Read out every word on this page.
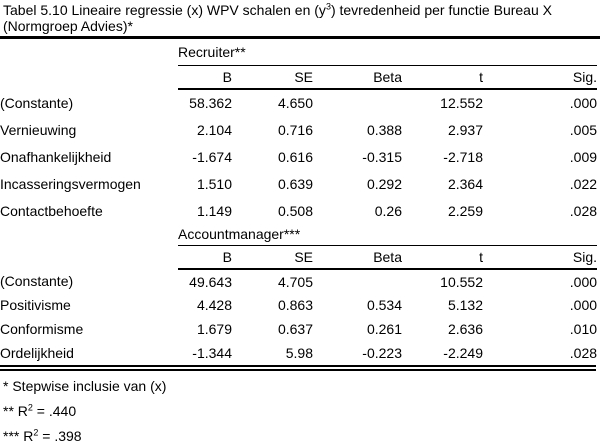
Tabel 5.10 Lineaire regressie (x) WPV schalen en $(y^3)$ tevredenheid per functie Bureau X
(Normgroep Advies)*
	Recruiter**				
	B	SE	Beta	t	Sig.
(Constante)	58.362	4.650		12.552	.000
Vernieuwing	2.104	0.716	0.388	2.937	.005
Onafhankelijkheid	-1.674	0.616	-0.315	-2.718	.009
Incasseringsvermogen	1.510	0.639	0.292	2.364	.022
Contactbehoefte	1.149	0.508	0.26	2.259	.028
	Accountmanager***				
	B	SE	Beta	t	Sig.
(Constante)	49.643	4.705		10.552	.000
Positivisme	4.428	0.863	0.534	5.132	.000
Conformisme	1.679	0.637	0.261	2.636	.010
Ordelijkheid	-1.344	5.98	-0.223	-2.249	.028
* Stepwise inclusie van (x)
** $R^2 = .440$
*** $R^2 = .398$
